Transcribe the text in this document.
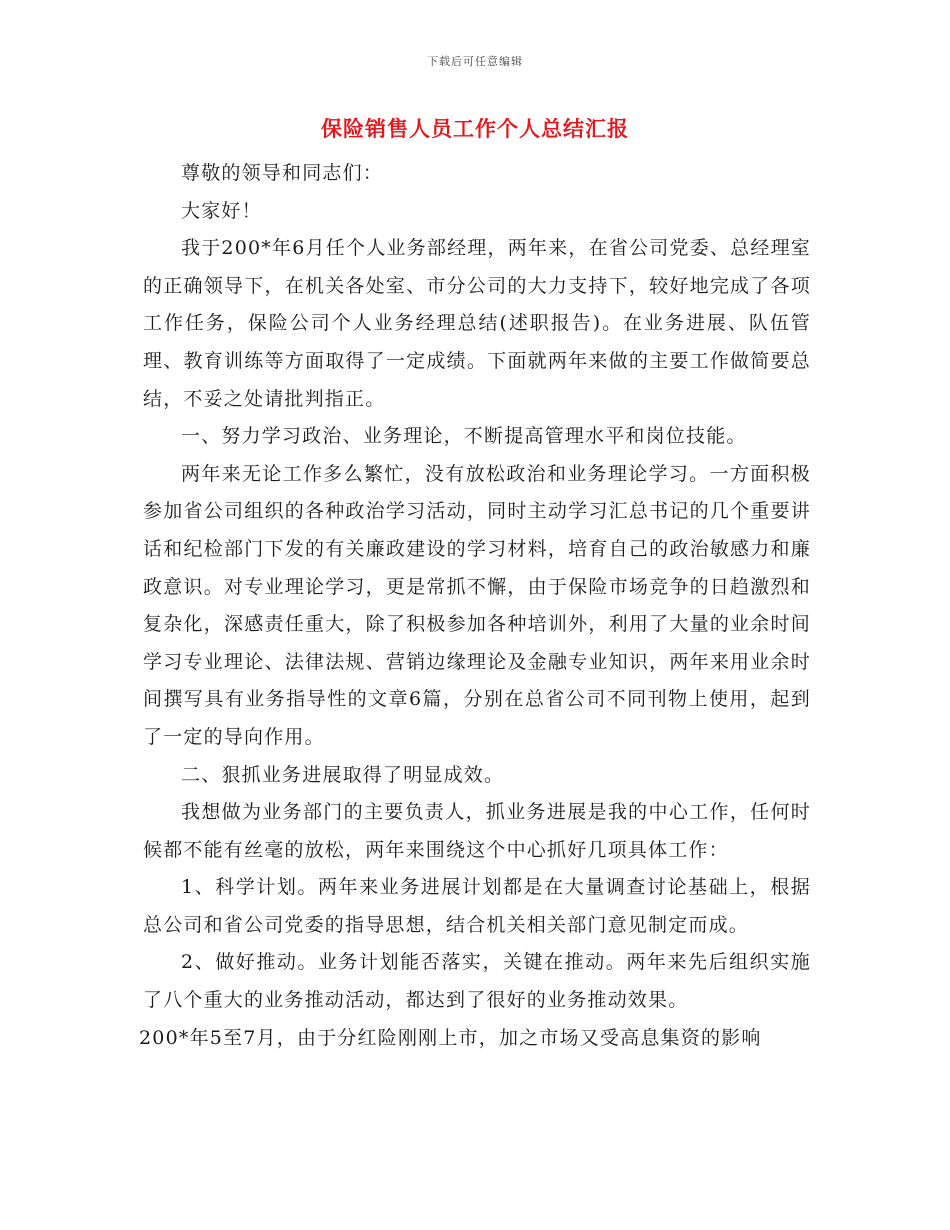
下载后可任意编辑
保险销售人员工作个人总结汇报

尊敬的领导和同志们：

大家好！

我于200*年6月任个人业务部经理，两年来，在省公司党委、总经理室的正确领导下，在机关各处室、市分公司的大力支持下，较好地完成了各项工作任务，保险公司个人业务经理总结(述职报告)。在业务进展、队伍管理、教育训练等方面取得了一定成绩。下面就两年来做的主要工作做简要总结，不妥之处请批判指正。

一、努力学习政治、业务理论，不断提高管理水平和岗位技能。

两年来无论工作多么繁忙，没有放松政治和业务理论学习。一方面积极参加省公司组织的各种政治学习活动，同时主动学习汇总书记的几个重要讲话和纪检部门下发的有关廉政建设的学习材料，培育自己的政治敏感力和廉政意识。对专业理论学习，更是常抓不懈，由于保险市场竞争的日趋激烈和复杂化，深感责任重大，除了积极参加各种培训外，利用了大量的业余时间学习专业理论、法律法规、营销边缘理论及金融专业知识，两年来用业余时间撰写具有业务指导性的文章6篇，分别在总省公司不同刊物上使用，起到了一定的导向作用。

二、狠抓业务进展取得了明显成效。

我想做为业务部门的主要负责人，抓业务进展是我的中心工作，任何时候都不能有丝毫的放松，两年来围绕这个中心抓好几项具体工作：

1、科学计划。两年来业务进展计划都是在大量调查讨论基础上，根据总公司和省公司党委的指导思想，结合机关相关部门意见制定而成。

2、做好推动。业务计划能否落实，关键在推动。两年来先后组织实施了八个重大的业务推动活动，都达到了很好的业务推动效果。

200*年5至7月，由于分红险刚刚上市，加之市场又受高息集资的影响
